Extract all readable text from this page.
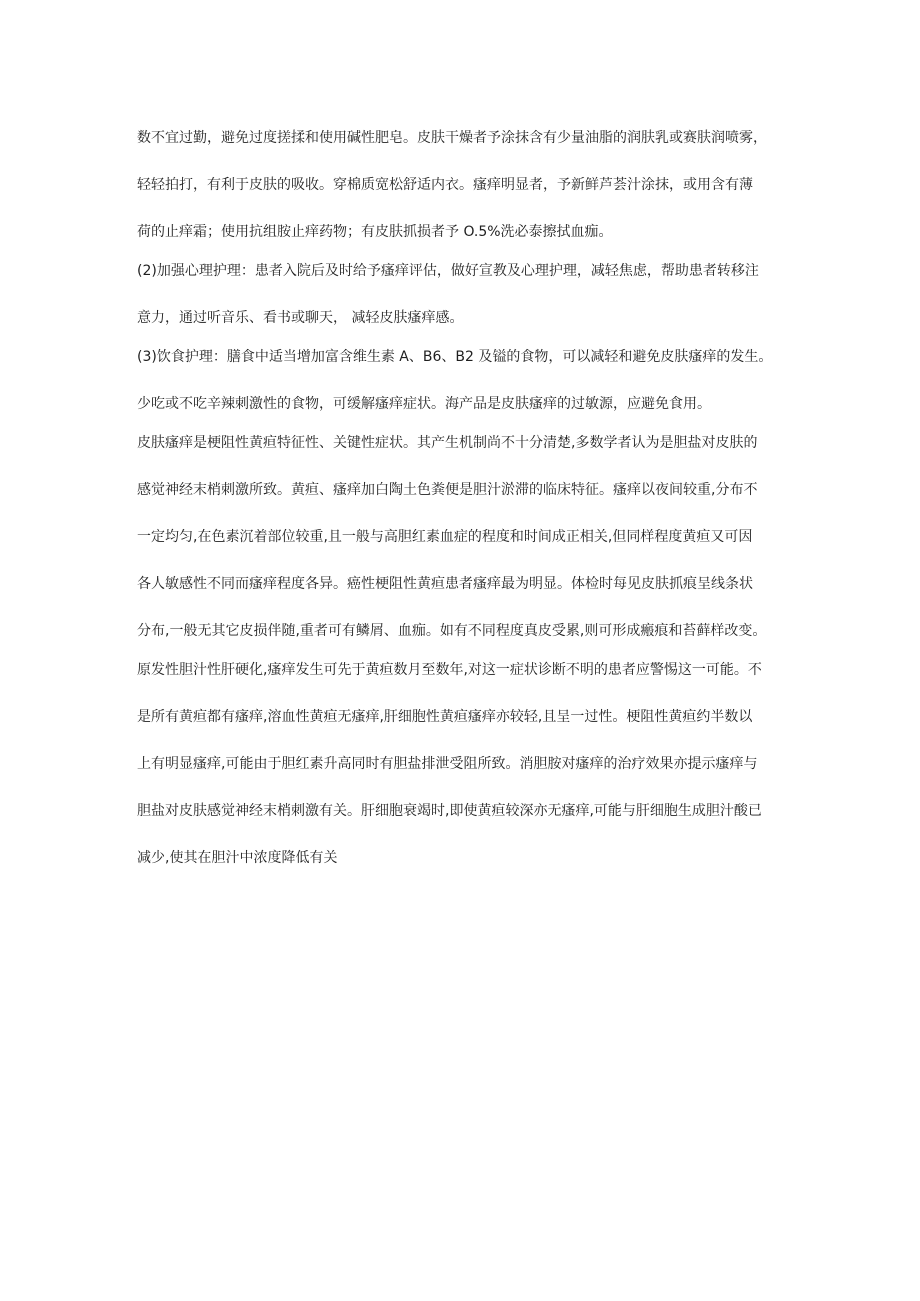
数不宜过勤，避免过度搓揉和使用碱性肥皂。皮肤干燥者予涂抹含有少量油脂的润肤乳或赛肤润喷雾，
轻轻拍打，有利于皮肤的吸收。穿棉质宽松舒适内衣。瘙痒明显者，予新鲜芦荟汁涂抹，或用含有薄
荷的止痒霜；使用抗组胺止痒药物；有皮肤抓损者予 O.5%洗必泰擦拭血痂。
(2)加强心理护理：患者入院后及时给予瘙痒评估，做好宣教及心理护理，减轻焦虑，帮助患者转移注
意力，通过听音乐、看书或聊天， 减轻皮肤瘙痒感。
(3)饮食护理：膳食中适当增加富含维生素 A、B6、B2 及镒的食物，可以减轻和避免皮肤瘙痒的发生。
少吃或不吃辛辣刺激性的食物，可缓解瘙痒症状。海产品是皮肤瘙痒的过敏源，应避免食用。
皮肤瘙痒是梗阻性黄疸特征性、关键性症状。其产生机制尚不十分清楚,多数学者认为是胆盐对皮肤的
感觉神经末梢刺激所致。黄疸、瘙痒加白陶土色粪便是胆汁淤滞的临床特征。瘙痒以夜间较重,分布不
一定均匀,在色素沉着部位较重,且一般与高胆红素血症的程度和时间成正相关,但同样程度黄疸又可因
各人敏感性不同而瘙痒程度各异。癌性梗阻性黄疸患者瘙痒最为明显。体检时每见皮肤抓痕呈线条状
分布,一般无其它皮损伴随,重者可有鳞屑、血痂。如有不同程度真皮受累,则可形成瘢痕和苔藓样改变。
原发性胆汁性肝硬化,瘙痒发生可先于黄疸数月至数年,对这一症状诊断不明的患者应警惕这一可能。不
是所有黄疸都有瘙痒,溶血性黄疸无瘙痒,肝细胞性黄疸瘙痒亦较轻,且呈一过性。梗阻性黄疸约半数以
上有明显瘙痒,可能由于胆红素升高同时有胆盐排泄受阻所致。消胆胺对瘙痒的治疗效果亦提示瘙痒与
胆盐对皮肤感觉神经末梢刺激有关。肝细胞衰竭时,即使黄疸较深亦无瘙痒,可能与肝细胞生成胆汁酸已
减少,使其在胆汁中浓度降低有关
